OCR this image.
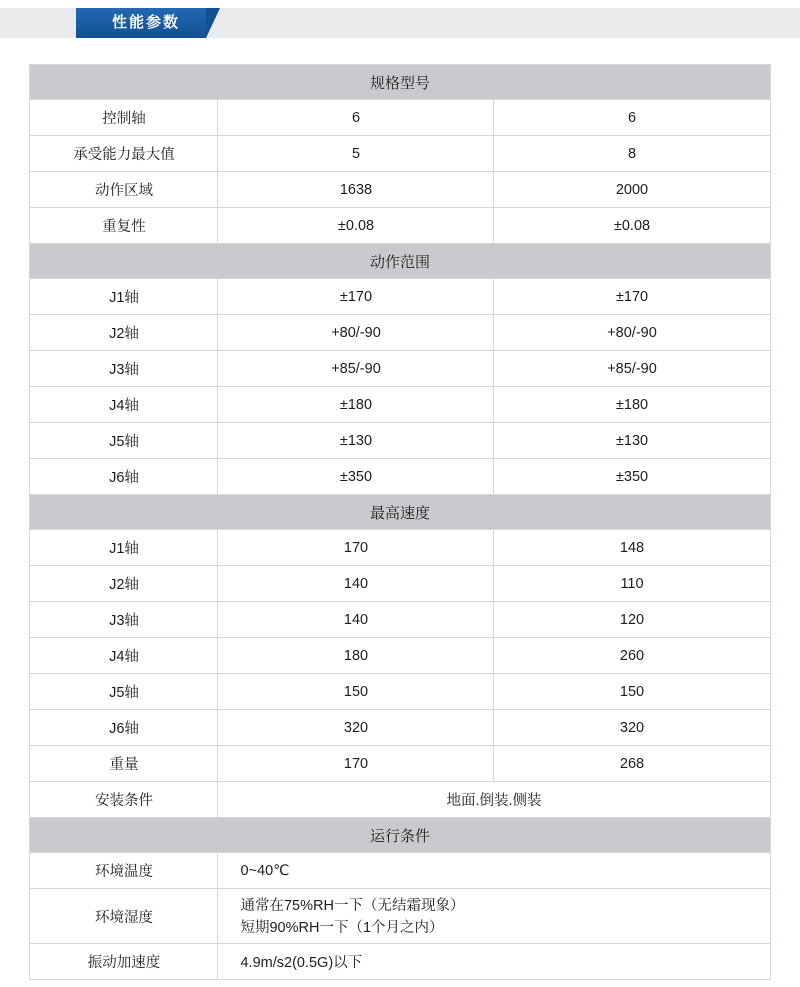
性能参数
规格型号		
控制轴	6	6
承受能力最大值	5	8
动作区域	1638	2000
重复性	±0.08	±0.08
动作范围		
J1轴	±170	±170
J2轴	+80/-90	+80/-90
J3轴	+85/-90	+85/-90
J4轴	±180	±180
J5轴	±130	±130
J6轴	±350	±350
最高速度		
J1轴	170	148
J2轴	140	110
J3轴	140	120
J4轴	180	260
J5轴	150	150
J6轴	320	320
重量	170	268
安装条件	地面.倒装.侧装	
运行条件		
环境温度	0~40℃	
环境湿度	通常在75%RH一下（无结霜现象）
短期90%RH一下（1个月之内）	

振动加速度	4.9m/s2(0.5G)以下	
